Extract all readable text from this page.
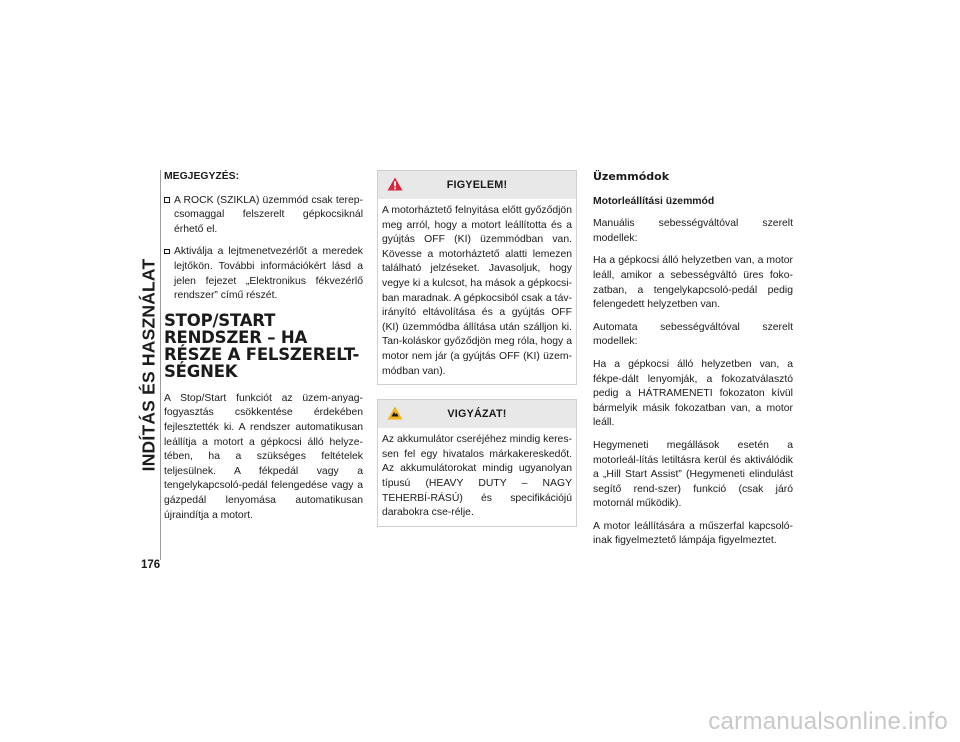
INDÍTÁS ÉS HASZNÁLAT
176

MEGJEGYZÉS:

A ROCK (SZIKLA) üzemmód csak terep-csomaggal felszerelt gépkocsiknál érhető el.
Aktiválja a lejtmenetvezérlőt a meredek lejtőkön. További információkért lásd a jelen fejezet „Elektronikus fékvezérlő rendszer” című részét.
STOP/START RENDSZER – HA RÉSZE A FELSZERELT-SÉGNEK

A Stop/Start funkciót az üzem-anyag-fogyasztás csökkentése érdekében fejlesztették ki. A rendszer automatikusan leállítja a motort a gépkocsi álló helyze-tében, ha a szükséges feltételek teljesülnek. A fékpedál vagy a tengelykapcsoló-pedál felengedése vagy a gázpedál lenyomása automatikusan újraindítja a motort.

FIGYELEM!
A motorháztető felnyitása előtt győződjön meg arról, hogy a motort leállította és a gyújtás OFF (KI) üzemmódban van. Kövesse a motorháztető alatti lemezen található jelzéseket. Javasoljuk, hogy vegye ki a kulcsot, ha mások a gépkocsi-ban maradnak. A gépkocsiból csak a táv-irányító eltávolítása és a gyújtás OFF (KI) üzemmódba állítása után szálljon ki. Tan-koláskor győződjön meg róla, hogy a motor nem jár (a gyújtás OFF (KI) üzem-módban van).
VIGYÁZAT!
Az akkumulátor cseréjéhez mindig keres-sen fel egy hivatalos márkakereskedőt. Az akkumulátorokat mindig ugyanolyan típusú (HEAVY DUTY – NAGY TEHERBÍ-RÁSÚ) és specifikációjú darabokra cse-rélje.

Üzemmódok

Motorleállítási üzemmód

Manuális sebességváltóval szerelt modellek:

Ha a gépkocsi álló helyzetben van, a motor leáll, amikor a sebességváltó üres foko-zatban, a tengelykapcsoló-pedál pedig felengedett helyzetben van.

Automata sebességváltóval szerelt modellek:

Ha a gépkocsi álló helyzetben van, a fékpe-dált lenyomják, a fokozatválasztó pedig a HÁTRAMENETI fokozaton kívül bármelyik másik fokozatban van, a motor leáll.

Hegymeneti megállások esetén a motorleál-lítás letiltásra kerül és aktiválódik a „Hill Start Assist” (Hegymeneti elindulást segítő rend-szer) funkció (csak járó motornál működik).

A motor leállítására a műszerfal kapcsoló-inak figyelmeztető lámpája figyelmeztet.

carmanualsonline.info
